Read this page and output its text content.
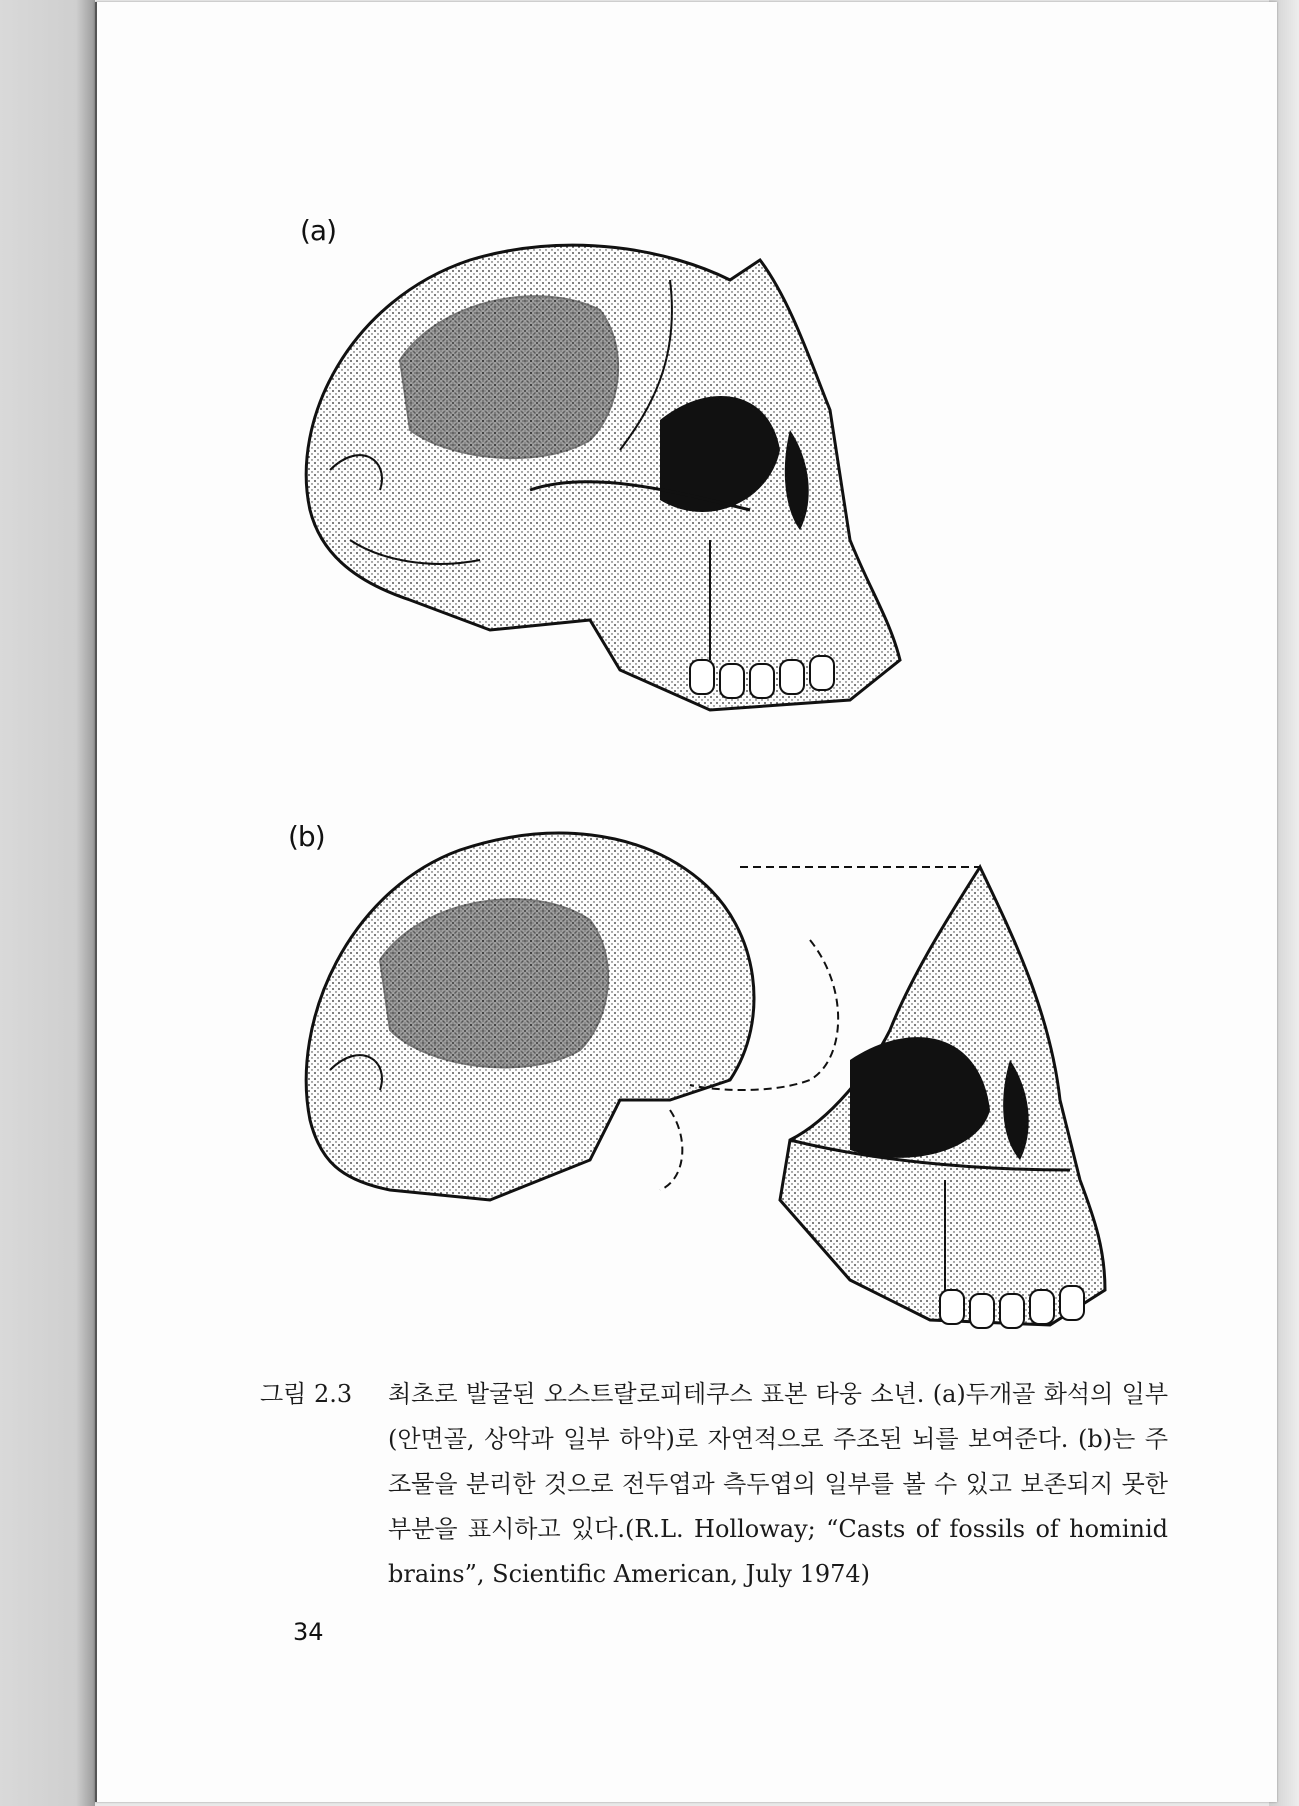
(a)
(b)
그림 2.3	최초로 발굴된 오스트랄로피테쿠스 표본 타웅 소년. (a)두개골 화석의 일부(안면골, 상악과 일부 하악)로 자연적으로 주조된 뇌를 보여준다. (b)는 주조물을 분리한 것으로 전두엽과 측두엽의 일부를 볼 수 있고 보존되지 못한 부분을 표시하고 있다.(R.L. Holloway; “Casts of fossils of hominid brains”, Scientific American, July 1974)
34
